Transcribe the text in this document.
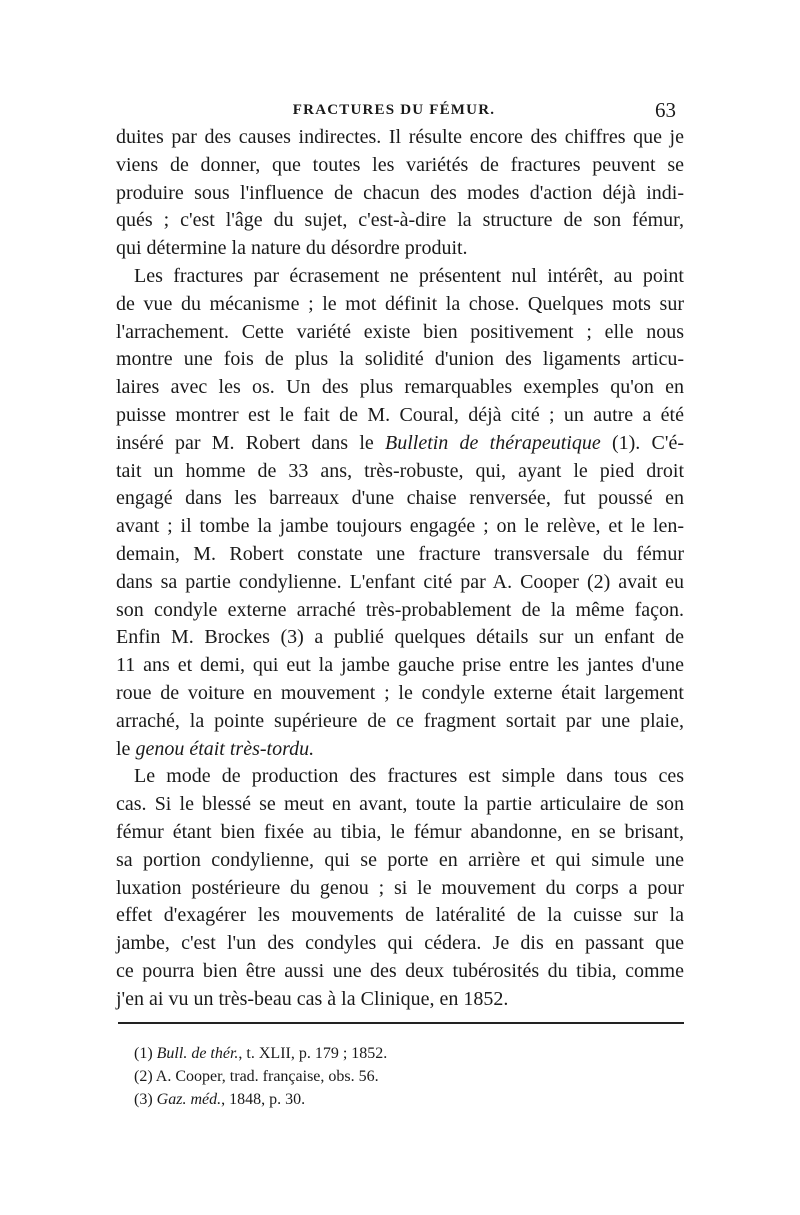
FRACTURES DU FÉMUR.	63
duites par des causes indirectes. Il résulte encore des chiffres que je
viens de donner, que toutes les variétés de fractures peuvent se
produire sous l'influence de chacun des modes d'action déjà indi-
qués ; c'est l'âge du sujet, c'est-à-dire la structure de son fémur,
qui détermine la nature du désordre produit.
Les fractures par écrasement ne présentent nul intérêt, au point
de vue du mécanisme ; le mot définit la chose. Quelques mots sur
l'arrachement. Cette variété existe bien positivement ; elle nous
montre une fois de plus la solidité d'union des ligaments articu-
laires avec les os. Un des plus remarquables exemples qu'on en
puisse montrer est le fait de M. Coural, déjà cité ; un autre a été
inséré par M. Robert dans le Bulletin de thérapeutique (1). C'é-
tait un homme de 33 ans, très-robuste, qui, ayant le pied droit
engagé dans les barreaux d'une chaise renversée, fut poussé en
avant ; il tombe la jambe toujours engagée ; on le relève, et le len-
demain, M. Robert constate une fracture transversale du fémur
dans sa partie condylienne. L'enfant cité par A. Cooper (2) avait eu
son condyle externe arraché très-probablement de la même façon.
Enfin M. Brockes (3) a publié quelques détails sur un enfant de
11 ans et demi, qui eut la jambe gauche prise entre les jantes d'une
roue de voiture en mouvement ; le condyle externe était largement
arraché, la pointe supérieure de ce fragment sortait par une plaie,
le genou était très-tordu.
Le mode de production des fractures est simple dans tous ces
cas. Si le blessé se meut en avant, toute la partie articulaire de son
fémur étant bien fixée au tibia, le fémur abandonne, en se brisant,
sa portion condylienne, qui se porte en arrière et qui simule une
luxation postérieure du genou ; si le mouvement du corps a pour
effet d'exagérer les mouvements de latéralité de la cuisse sur la
jambe, c'est l'un des condyles qui cédera. Je dis en passant que
ce pourra bien être aussi une des deux tubérosités du tibia, comme
j'en ai vu un très-beau cas à la Clinique, en 1852.
(1) Bull. de thér., t. XLII, p. 179 ; 1852.
(2) A. Cooper, trad. française, obs. 56.
(3) Gaz. méd., 1848, p. 30.
